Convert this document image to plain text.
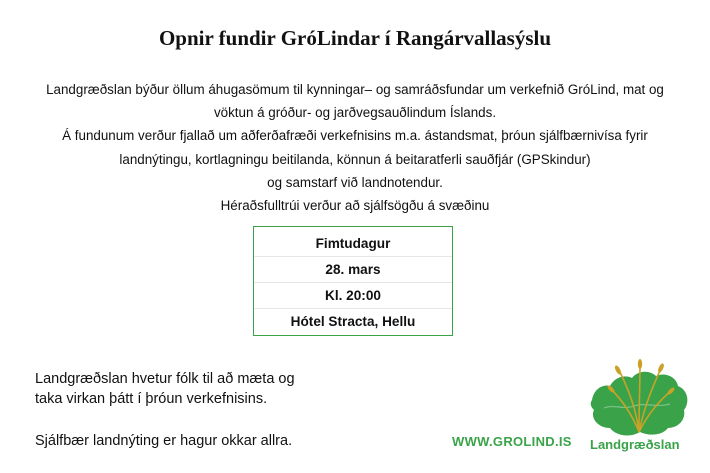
Opnir fundir GróLindar í Rangárvallasýslu
Landgræðslan býður öllum áhugasömum til kynningar– og samráðsfundar um verkefnið GróLind, mat og
vöktun á gróður- og jarðvegsauðlindum Íslands.
Á fundunum verður fjallað um aðferðafræði verkefnisins m.a. ástandsmat, þróun sjálfbærnivísa fyrir
landnýtingu, kortlagningu beitilanda, könnun á beitaratferli sauðfjár (GPSkindur)
og samstarf við landnotendur.
Héraðsfulltrúi verður að sjálfsögðu á svæðinu
Fimtudagur
28. mars
Kl. 20:00
Hótel Stracta, Hellu
Landgræðslan hvetur fólk til að mæta og
taka virkan þátt í þróun verkefnisins.
Sjálfbær landnýting er hagur okkar allra.	WWW.GROLIND.IS Landgræðslan
